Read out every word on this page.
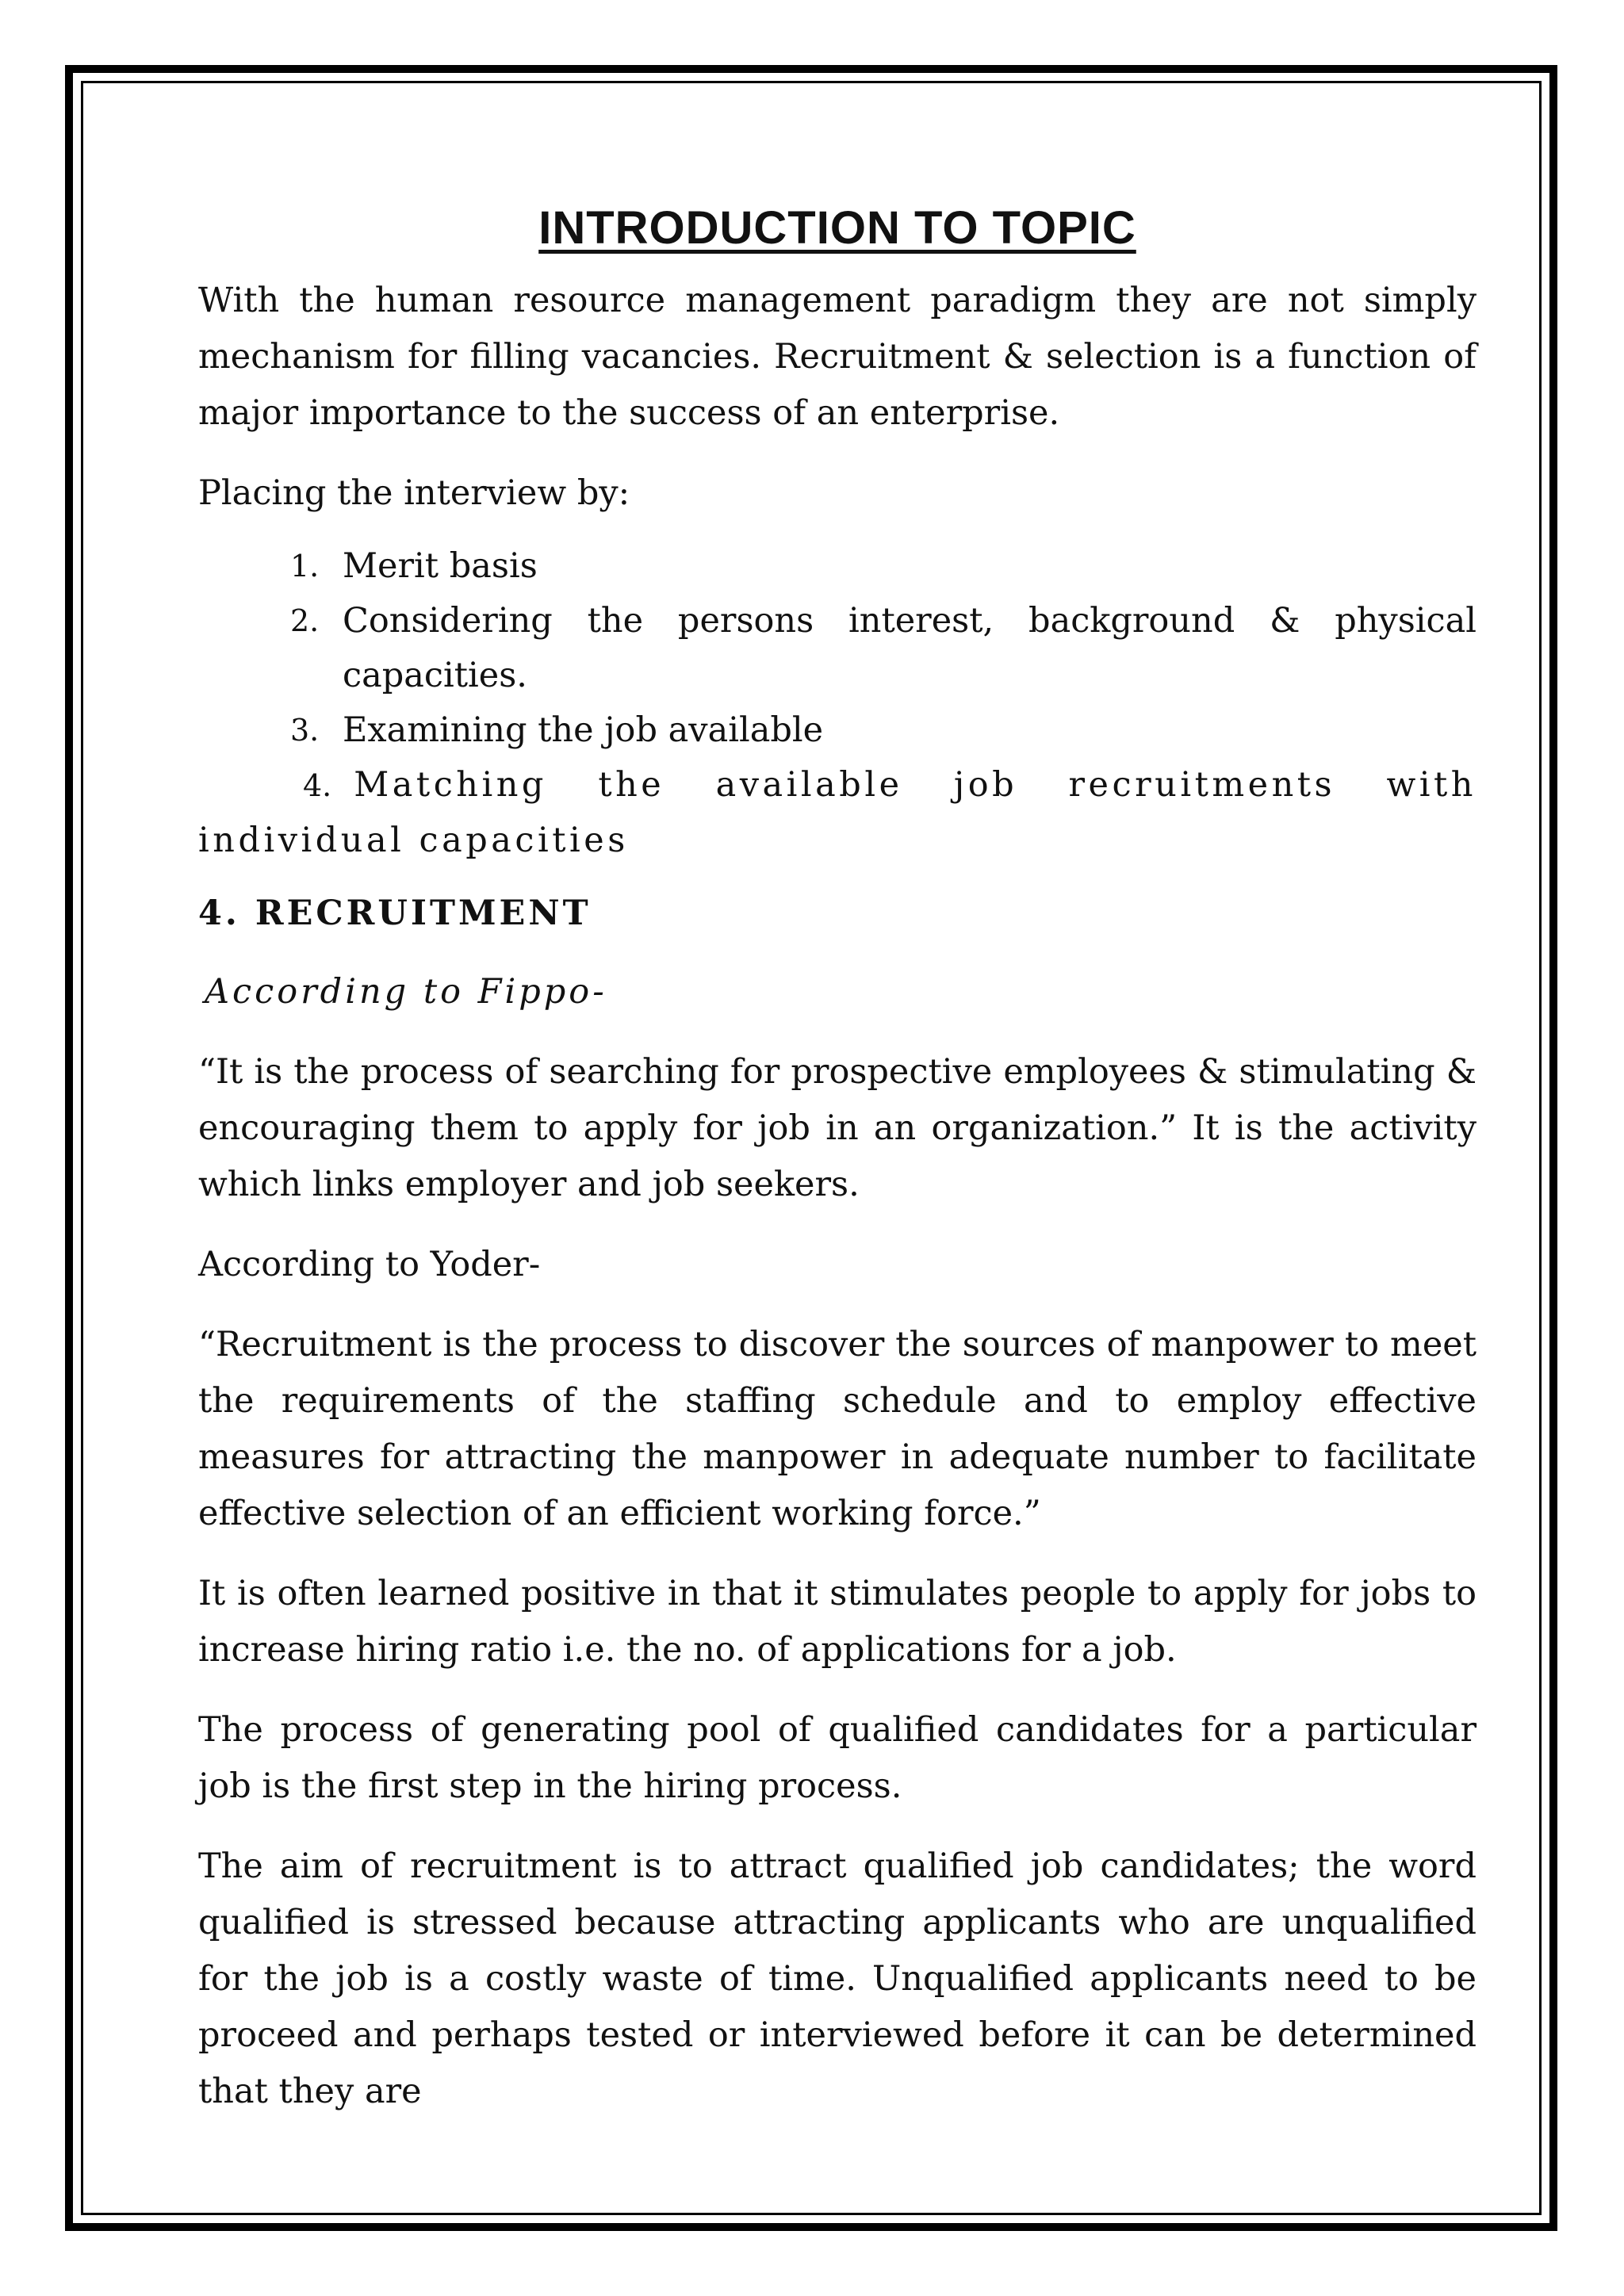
INTRODUCTION TO TOPIC

With the human resource management paradigm they are not simply mechanism for filling vacancies. Recruitment & selection is a function of major importance to the success of an enterprise.

Placing the interview by:

1. Merit basis
2. Considering the persons interest, background & physical capacities.
3. Examining the job available

4. Matching the available job recruitments with individual capacities

4. RECRUITMENT

According to Fippo-

“It is the process of searching for prospective employees & stimulating & encouraging them to apply for job in an organization.” It is the activity which links employer and job seekers.

According to Yoder-

“Recruitment is the process to discover the sources of manpower to meet the requirements of the staffing schedule and to employ effective measures for attracting the manpower in adequate number to facilitate effective selection of an efficient working force.”

It is often learned positive in that it stimulates people to apply for jobs to increase hiring ratio i.e. the no. of applications for a job.

The process of generating pool of qualified candidates for a particular job is the first step in the hiring process.

The aim of recruitment is to attract qualified job candidates; the word qualified is stressed because attracting applicants who are unqualified for the job is a costly waste of time. Unqualified applicants need to be proceed and perhaps tested or interviewed before it can be determined that they are
